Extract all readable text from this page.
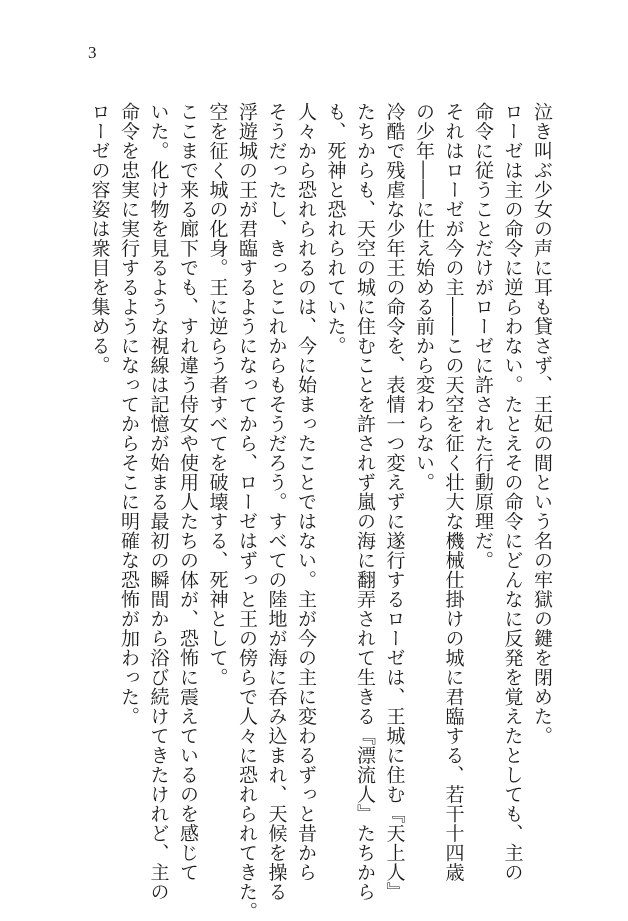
3

泣き叫ぶ少女の声に耳も貸さず、王妃の間という名の牢獄の鍵を閉めた。

ローゼは主の命令に逆らわない。たとえその命令にどんなに反発を覚えたとしても、主の

命令に従うことだけがローゼに許された行動原理だ。

それはローゼが今の主――この天空を征く壮大な機械仕掛けの城に君臨する、若干十四歳

の少年――に仕え始める前から変わらない。

冷酷で残虐な少年王の命令を、表情一つ変えずに遂行するローゼは、王城に住む『天上人』

たちからも、天空の城に住むことを許されず嵐の海に翻弄されて生きる『漂流人』たちから

も、死神と恐れられていた。

人々から恐れられるのは、今に始まったことではない。主が今の主に変わるずっと昔から

そうだったし、きっとこれからもそうだろう。すべての陸地が海に呑み込まれ、天候を操る

浮遊城の王が君臨するようになってから、ローゼはずっと王の傍らで人々に恐れられてきた。

空を征く城の化身。王に逆らう者すべてを破壊する、死神として。

ここまで来る廊下でも、すれ違う侍女や使用人たちの体が、恐怖に震えているのを感じて

いた。化け物を見るような視線は記憶が始まる最初の瞬間から浴び続けてきたけれど、主の

命令を忠実に実行するようになってからそこに明確な恐怖が加わった。

ローゼの容姿は衆目を集める。
